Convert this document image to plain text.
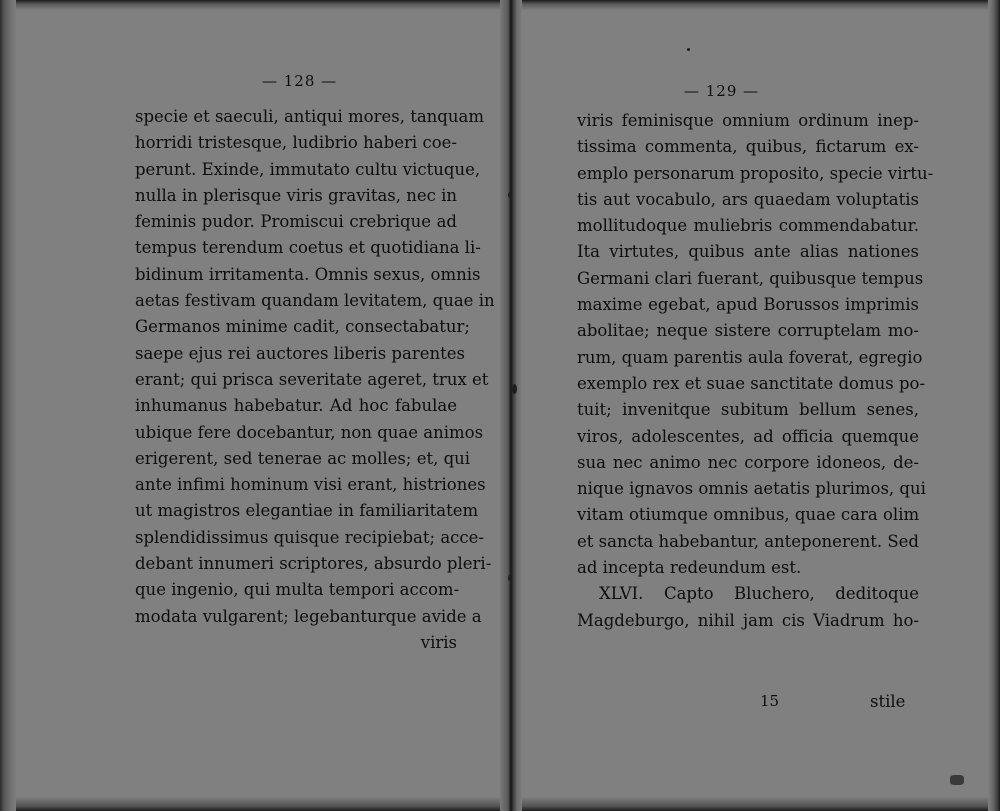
— 128 —
specie et saeculi, antiqui mores, tanquam
horridi tristesque, ludibrio haberi coe-
perunt. Exinde, immutato cultu victuque,
nulla in plerisque viris gravitas, nec in
feminis pudor. Promiscui crebrique ad
tempus terendum coetus et quotidiana li-
bidinum irritamenta. Omnis sexus, omnis
aetas festivam quandam levitatem, quae in
Germanos minime cadit, consectabatur;
saepe ejus rei auctores liberis parentes
erant; qui prisca severitate ageret, trux et
inhumanus habebatur. Ad hoc fabulae
ubique fere docebantur, non quae animos
erigerent, sed tenerae ac molles; et, qui
ante infimi hominum visi erant, histriones
ut magistros elegantiae in familiaritatem
splendidissimus quisque recipiebat; acce-
debant innumeri scriptores, absurdo pleri-
que ingenio, qui multa tempori accom-
modata vulgarent; legebanturque avide a
viris
— 129 —
viris feminisque omnium ordinum inep-
tissima commenta, quibus, fictarum ex-
emplo personarum proposito, specie virtu-
tis aut vocabulo, ars quaedam voluptatis
mollitudoque muliebris commendabatur.
Ita virtutes, quibus ante alias nationes
Germani clari fuerant, quibusque tempus
maxime egebat, apud Borussos imprimis
abolitae; neque sistere corruptelam mo-
rum, quam parentis aula foverat, egregio
exemplo rex et suae sanctitate domus po-
tuit; invenitque subitum bellum senes,
viros, adolescentes, ad officia quemque
sua nec animo nec corpore idoneos, de-
nique ignavos omnis aetatis plurimos, qui
vitam otiumque omnibus, quae cara olim
et sancta habebantur, anteponerent. Sed
ad incepta redeundum est.
XLVI. Capto Bluchero, deditoque
Magdeburgo, nihil jam cis Viadrum ho-
15	stile
